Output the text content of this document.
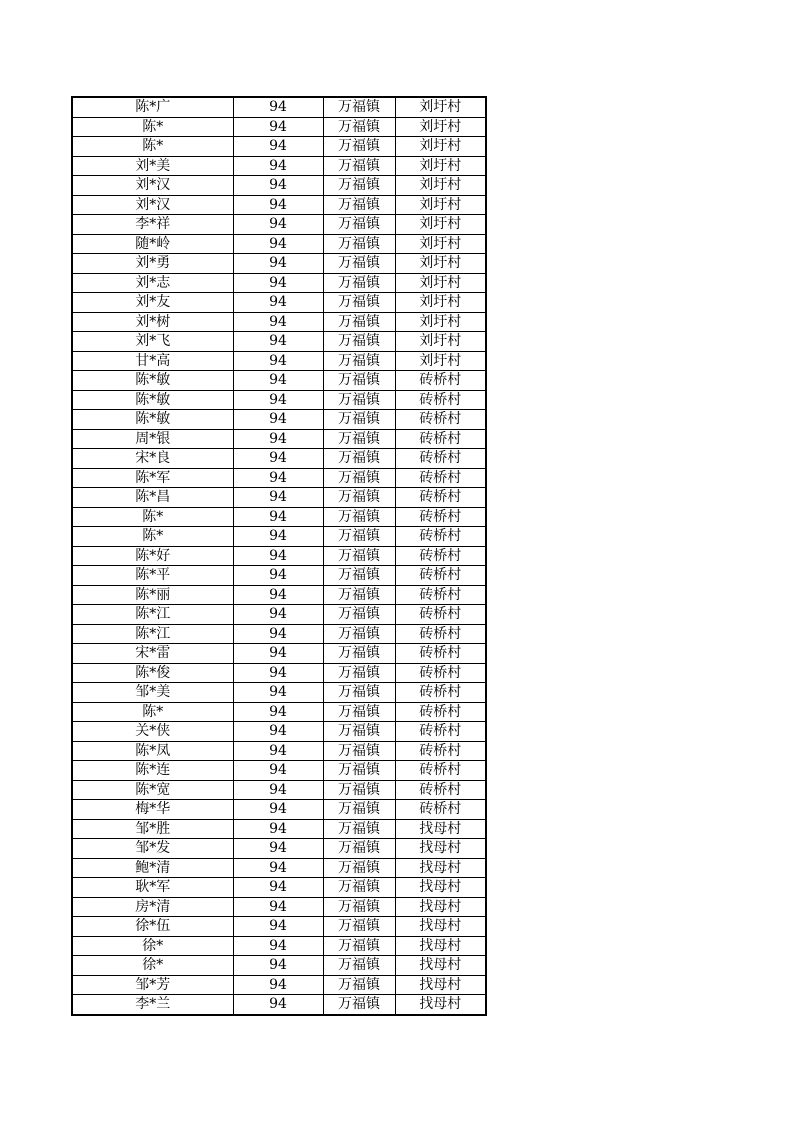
陈*广	94	万福镇	刘圩村
陈*	94	万福镇	刘圩村
陈*	94	万福镇	刘圩村
刘*美	94	万福镇	刘圩村
刘*汉	94	万福镇	刘圩村
刘*汉	94	万福镇	刘圩村
李*祥	94	万福镇	刘圩村
随*岭	94	万福镇	刘圩村
刘*勇	94	万福镇	刘圩村
刘*志	94	万福镇	刘圩村
刘*友	94	万福镇	刘圩村
刘*树	94	万福镇	刘圩村
刘*飞	94	万福镇	刘圩村
甘*高	94	万福镇	刘圩村
陈*敏	94	万福镇	砖桥村
陈*敏	94	万福镇	砖桥村
陈*敏	94	万福镇	砖桥村
周*银	94	万福镇	砖桥村
宋*良	94	万福镇	砖桥村
陈*军	94	万福镇	砖桥村
陈*昌	94	万福镇	砖桥村
陈*	94	万福镇	砖桥村
陈*	94	万福镇	砖桥村
陈*好	94	万福镇	砖桥村
陈*平	94	万福镇	砖桥村
陈*丽	94	万福镇	砖桥村
陈*江	94	万福镇	砖桥村
陈*江	94	万福镇	砖桥村
宋*雷	94	万福镇	砖桥村
陈*俊	94	万福镇	砖桥村
邹*美	94	万福镇	砖桥村
陈*	94	万福镇	砖桥村
关*侠	94	万福镇	砖桥村
陈*凤	94	万福镇	砖桥村
陈*连	94	万福镇	砖桥村
陈*宽	94	万福镇	砖桥村
梅*华	94	万福镇	砖桥村
邹*胜	94	万福镇	找母村
邹*发	94	万福镇	找母村
鲍*清	94	万福镇	找母村
耿*军	94	万福镇	找母村
房*清	94	万福镇	找母村
徐*伍	94	万福镇	找母村
徐*	94	万福镇	找母村
徐*	94	万福镇	找母村
邹*芳	94	万福镇	找母村
李*兰	94	万福镇	找母村
